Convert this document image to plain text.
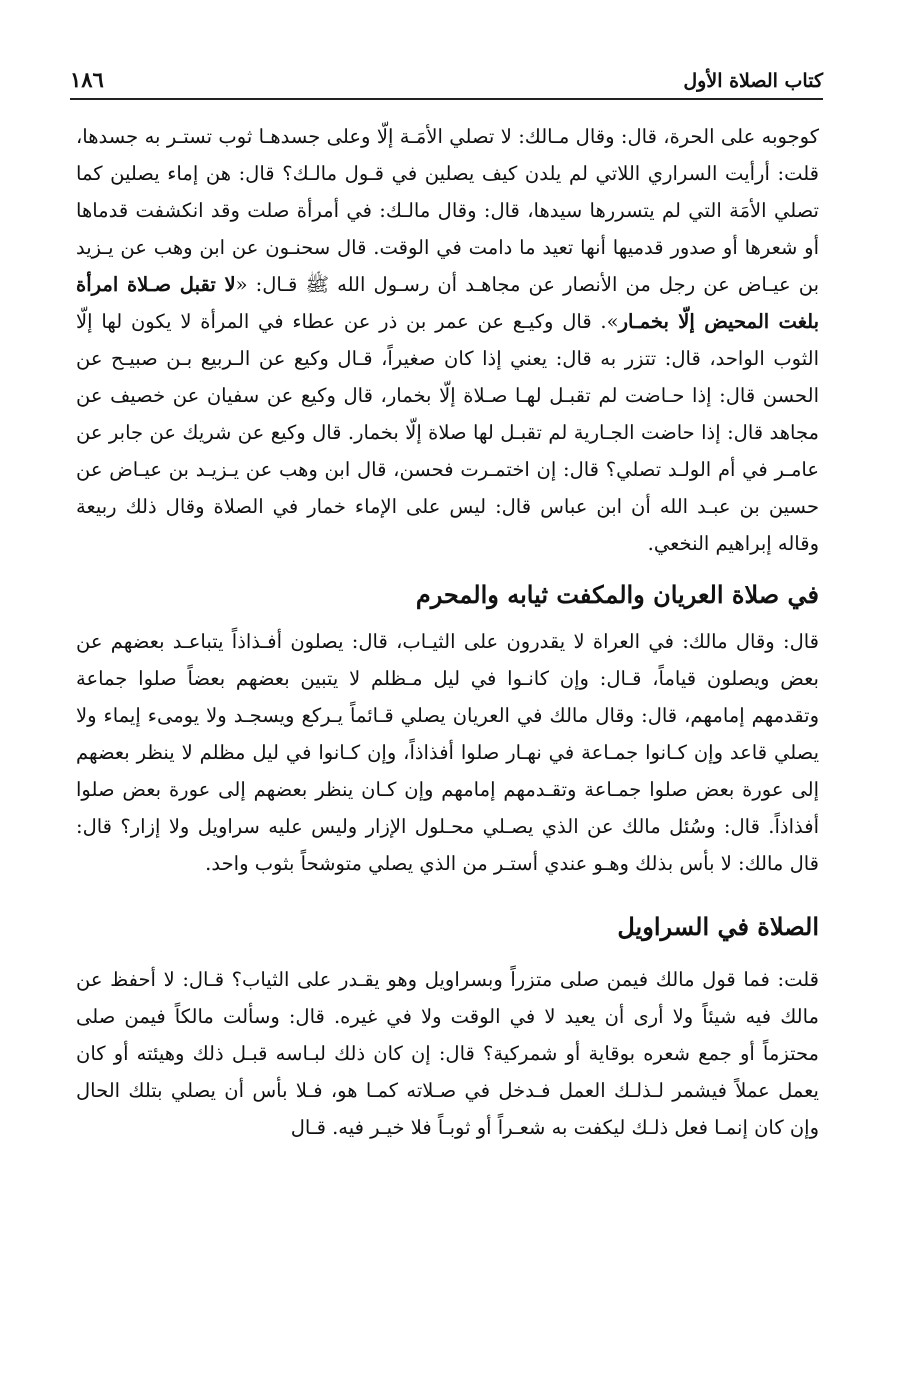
١٨٦	كتاب الصلاة الأول

كوجوبه على الحرة، قال: وقال مـالك: لا تصلي الأمَـة إلّا وعلى جسدهـا ثوب تستـر به جسدها، قلت: أرأيت السراري اللاتي لم يلدن كيف يصلين في قـول مالـك؟ قال: هن إماء يصلين كما تصلي الأمَة التي لم يتسررها سيدها، قال: وقال مالـك: في أمرأة صلت وقد انكشفت قدماها أو شعرها أو صدور قدميها أنها تعيد ما دامت في الوقت. قال سحنـون عن ابن وهب عن يـزيد بن عيـاض عن رجل من الأنصار عن مجاهـد أن رسـول الله ﷺ قـال: «لا تقبل صـلاة امرأة بلغت المحيض إلّا بخمـار». قال وكيـع عن عمر بن ذر عن عطاء في المرأة لا يكون لها إلّا الثوب الواحد، قال: تتزر به قال: يعني إذا كان صغيراً، قـال وكيع عن الـربيع بـن صبيـح عن الحسن قال: إذا حـاضت لم تقبـل لهـا صـلاة إلّا بخمار، قال وكيع عن سفيان عن خصيف عن مجاهد قال: إذا حاضت الجـارية لم تقبـل لها صلاة إلّا بخمار. قال وكيع عن شريك عن جابر عن عامـر في أم الولـد تصلي؟ قال: إن اختمـرت فحسن، قال ابن وهب عن يـزيـد بن عيـاض عن حسين بن عبـد الله أن ابن عباس قال: ليس على الإماء خمار في الصلاة وقال ذلك ربيعة وقاله إبراهيم النخعي.

في صلاة العريان والمكفت ثيابه والمحرم

قال: وقال مالك: في العراة لا يقدرون على الثيـاب، قال: يصلون أفـذاذاً يتباعـد بعضهم عن بعض ويصلون قياماً، قـال: وإن كانـوا في ليل مـظلم لا يتبين بعضهم بعضاً صلوا جماعة وتقدمهم إمامهم، قال: وقال مالك في العريان يصلي قـائماً يـركع ويسجـد ولا يومىء إيماء ولا يصلي قاعد وإن كـانوا جمـاعة في نهـار صلوا أفذاذاً، وإن كـانوا في ليل مظلم لا ينظر بعضهم إلى عورة بعض صلوا جمـاعة وتقـدمهم إمامهم وإن كـان ينظر بعضهم إلى عورة بعض صلوا أفذاذاً. قال: وسُئل مالك عن الذي يصـلي محـلول الإزار وليس عليه سراويل ولا إزار؟ قال: قال مالك: لا بأس بذلك وهـو عندي أستـر من الذي يصلي متوشحاً بثوب واحد.

الصلاة في السراويل

قلت: فما قول مالك فيمن صلى متزراً وبسراويل وهو يقـدر على الثياب؟ قـال: لا أحفظ عن مالك فيه شيئاً ولا أرى أن يعيد لا في الوقت ولا في غيره. قال: وسألت مالكاً فيمن صلى محتزماً أو جمع شعره بوقاية أو شمركية؟ قال: إن كان ذلك لبـاسه قبـل ذلك وهيئته أو كان يعمل عملاً فيشمر لـذلـك العمل فـدخل في صـلاته كمـا هو، فـلا بأس أن يصلي بتلك الحال وإن كان إنمـا فعل ذلـك ليكفت به شعـراً أو ثوبـاً فلا خيـر فيه. قـال
